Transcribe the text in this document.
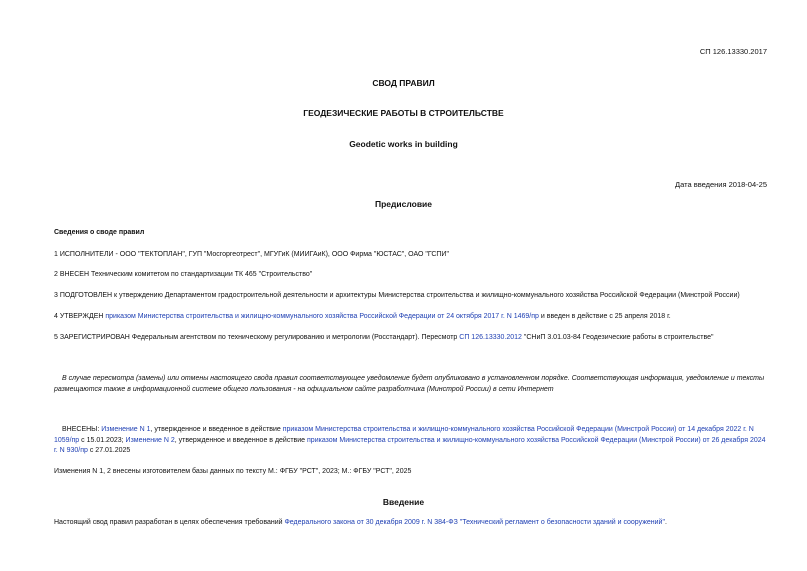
СП 126.13330.2017
СВОД ПРАВИЛ
ГЕОДЕЗИЧЕСКИЕ РАБОТЫ В СТРОИТЕЛЬСТВЕ
Geodetic works in building
Дата введения 2018-04-25
Предисловие
Сведения о своде правил
1 ИСПОЛНИТЕЛИ - ООО "ТЕКТОПЛАН", ГУП "Мосгоргеотрест", МГУГиК (МИИГАиК), ООО Фирма "ЮСТАС", ОАО "ГСПИ"
2 ВНЕСЕН Техническим комитетом по стандартизации ТК 465 "Строительство"
3 ПОДГОТОВЛЕН к утверждению Департаментом градостроительной деятельности и архитектуры Министерства строительства и жилищно-коммунального хозяйства Российской Федерации (Минстрой России)
4 УТВЕРЖДЕН приказом Министерства строительства и жилищно-коммунального хозяйства Российской Федерации от 24 октября 2017 г. N 1469/пр и введен в действие с 25 апреля 2018 г.
5 ЗАРЕГИСТРИРОВАН Федеральным агентством по техническому регулированию и метрологии (Росстандарт). Пересмотр СП 126.13330.2012 "СНиП 3.01.03-84 Геодезические работы в строительстве"
В случае пересмотра (замены) или отмены настоящего свода правил соответствующее уведомление будет опубликовано в установленном порядке. Соответствующая информация, уведомление и тексты размещаются также в информационной системе общего пользования - на официальном сайте разработчика (Минстрой России) в сети Интернет
ВНЕСЕНЫ: Изменение N 1, утвержденное и введенное в действие приказом Министерства строительства и жилищно-коммунального хозяйства Российской Федерации (Минстрой России) от 14 декабря 2022 г. N 1059/пр с 15.01.2023; Изменение N 2, утвержденное и введенное в действие приказом Министерства строительства и жилищно-коммунального хозяйства Российской Федерации (Минстрой России) от 26 декабря 2024 г. N 930/пр с 27.01.2025
Изменения N 1, 2 внесены изготовителем базы данных по тексту М.: ФГБУ "РСТ", 2023; М.: ФГБУ "РСТ", 2025
Введение
Настоящий свод правил разработан в целях обеспечения требований Федерального закона от 30 декабря 2009 г. N 384-ФЗ "Технический регламент о безопасности зданий и сооружений".
